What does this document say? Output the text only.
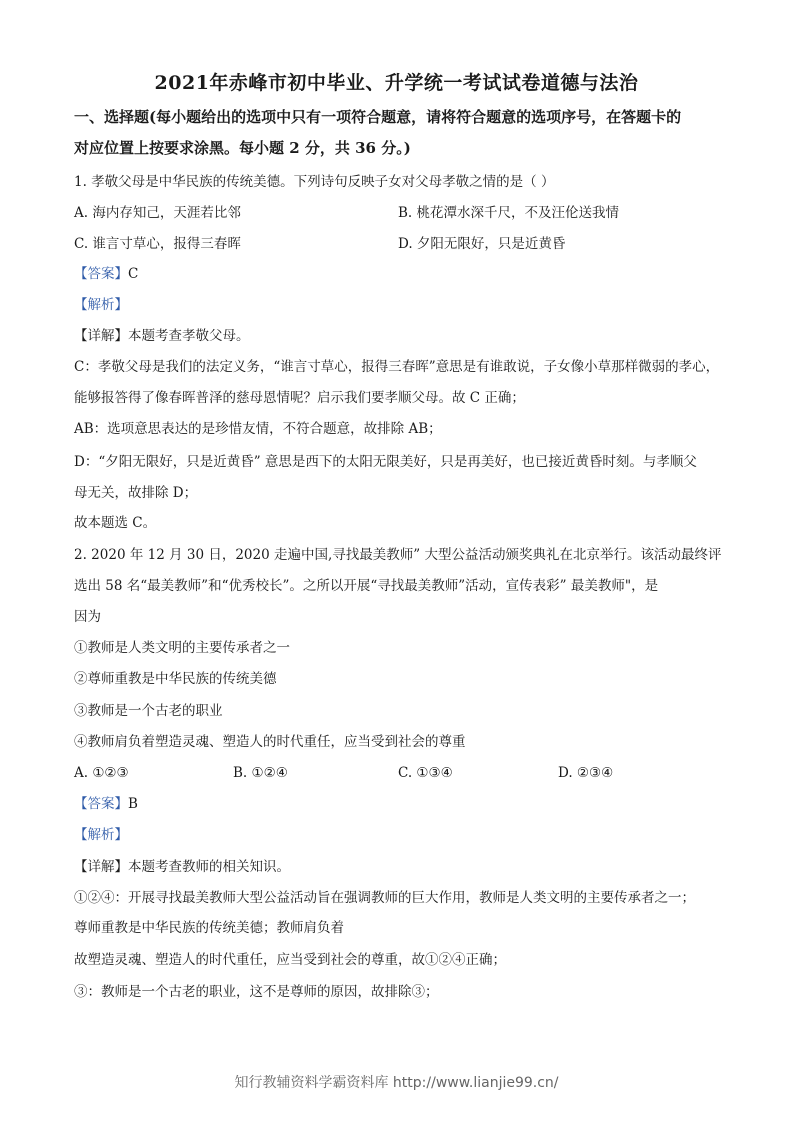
2021年赤峰市初中毕业、升学统一考试试卷道德与法治
一、选择题(每小题给出的选项中只有一项符合题意，请将符合题意的选项序号，在答题卡的
对应位置上按要求涂黑。每小题 2 分，共 36 分。)
1. 孝敬父母是中华民族的传统美德。下列诗句反映子女对父母孝敬之情的是（ ）
A. 海内存知己，天涯若比邻	B. 桃花潭水深千尺，不及汪伦送我情
C. 谁言寸草心，报得三春晖	D. 夕阳无限好，只是近黄昏
【答案】C
【解析】
【详解】本题考查孝敬父母。
C：孝敬父母是我们的法定义务，“谁言寸草心，报得三春晖”意思是有谁敢说，子女像小草那样微弱的孝心，
能够报答得了像春晖普泽的慈母恩情呢？启示我们要孝顺父母。故 C 正确；
AB：选项意思表达的是珍惜友情，不符合题意，故排除 AB；
D：“夕阳无限好，只是近黄昏” 意思是西下的太阳无限美好，只是再美好，也已接近黄昏时刻。与孝顺父
母无关，故排除 D；
故本题选 C。
2. 2020 年 12 月 30 日，2020 走遍中国,寻找最美教师” 大型公益活动颁奖典礼在北京举行。该活动最终评
选出 58 名“最美教师”和“优秀校长”。之所以开展“寻找最美教师”活动，宣传表彩” 最美教师"，是
因为
①教师是人类文明的主要传承者之一
②尊师重教是中华民族的传统美德
③教师是一个古老的职业
④教师肩负着塑造灵魂、塑造人的时代重任，应当受到社会的尊重
A. ①②③	B. ①②④	C. ①③④	D. ②③④
【答案】B
【解析】
【详解】本题考查教师的相关知识。
①②④：开展寻找最美教师大型公益活动旨在强调教师的巨大作用，教师是人类文明的主要传承者之一；
尊师重教是中华民族的传统美德；教师肩负着
故塑造灵魂、塑造人的时代重任，应当受到社会的尊重，故①②④正确；
③：教师是一个古老的职业，这不是尊师的原因，故排除③；
知行教辅资料学霸资料库 http://www.lianjie99.cn/
